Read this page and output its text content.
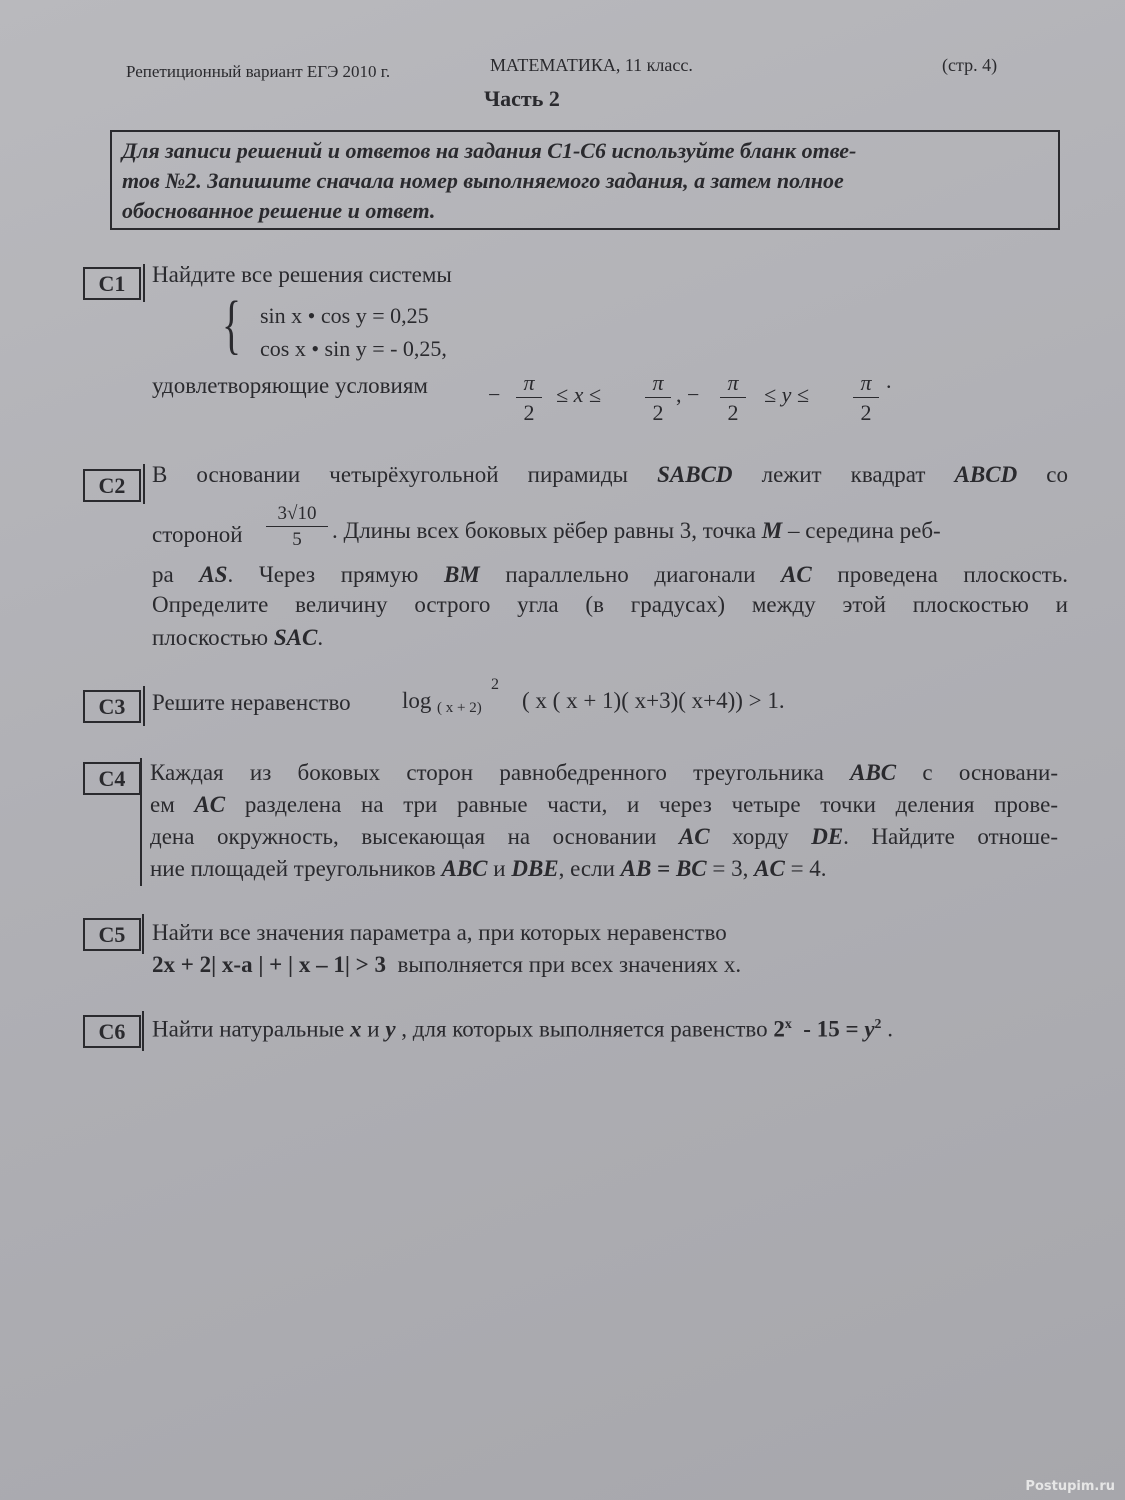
Репетиционный вариант ЕГЭ 2010 г.	МАТЕМАТИКА, 11 класс.	(стр. 4)
Часть 2
Для записи решений и ответов на задания С1-С6 используйте бланк отве-
тов №2. Запишите сначала номер выполняемого задания, а затем полное
обоснованное решение и ответ.
С1	Найдите все решения системы
{ sin x • cos y = 0,25
cos x • sin y = - 0,25,
удовлетворяющие условиям	−	π
2
≤ x ≤	π
2
, −	π
2
≤ y ≤	π
2
.
С2	В основании четырёхугольной пирамиды SABCD лежит квадрат ABCD со
стороной
3√10
5	. Длины всех боковых рёбер равны 3, точка M – середина реб-
ра AS. Через прямую BM параллельно диагонали AC проведена плоскость.
Определите величину острого угла (в градусах) между этой плоскостью и
плоскостью SAC.
С3	Решите неравенство log ( x + 2)
2
( x ( x + 1)( x+3)( x+4)) > 1.
С4	Каждая из боковых сторон равнобедренного треугольника ABC с основани-
ем AC разделена на три равные части, и через четыре точки деления прове-
дена окружность, высекающая на основании AC хорду DE. Найдите отноше-
ние площадей треугольников ABC и DBE, если AB = BC = 3, AC = 4.
С5	Найти все значения параметра а, при которых неравенство
2x + 2| x-a | + | x – 1| > 3 выполняется при всех значениях x.
С6	Найти натуральные x и y , для которых выполняется равенство $2^x - 15 = y^2$ .
Postupim.ru
